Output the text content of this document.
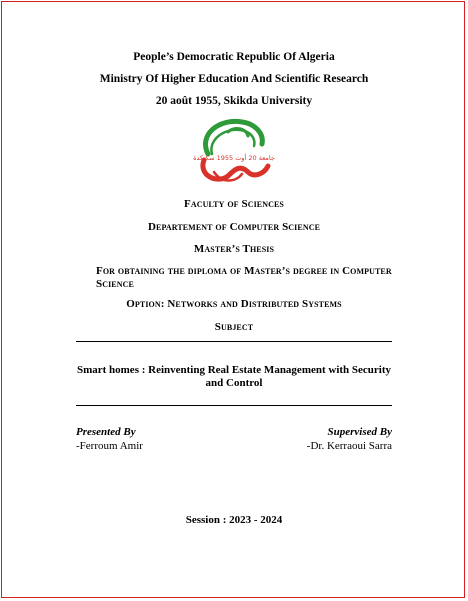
People’s Democratic Republic Of Algeria
Ministry Of Higher Education And Scientific Research
20 août 1955, Skikda University
جامعة 20 أوت 1955 سكيكدة
Faculty of Sciences
Departement of Computer Science
Master’s Thesis
For obtaining the diploma of Master’s degree in Computer Science
Option: Networks and Distributed Systems
Subject
Smart homes : Reinventing Real Estate Management with Security and Control
Presented By	Supervised By
-Ferroum Amir	-Dr. Kerraoui Sarra
Session : 2023 - 2024
